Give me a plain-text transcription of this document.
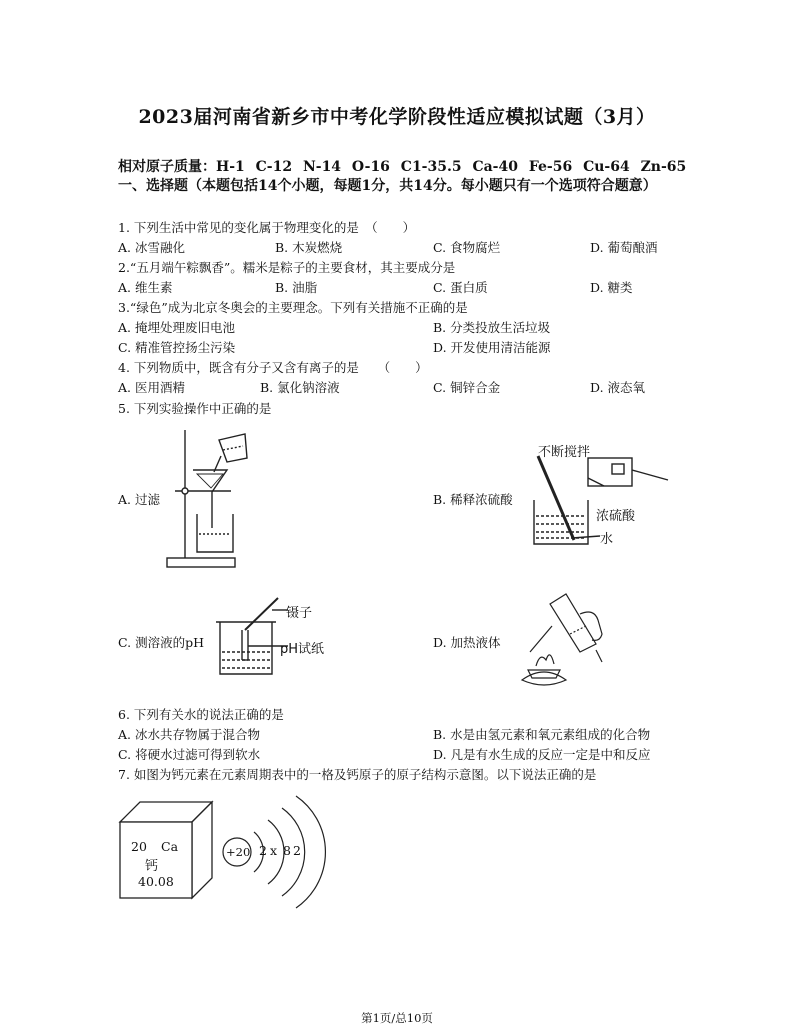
2023届河南省新乡市中考化学阶段性适应模拟试题（3月）
相对原子质量：H-1 C-12 N-14 O-16 C1-35.5 Ca-40 Fe-56 Cu-64 Zn-65
一、选择题（本题包括14个小题，每题1分，共14分。每小题只有一个选项符合题意）
1. 下列生活中常见的变化属于物理变化的是　（　　）
A. 冰雪融化	B. 木炭燃烧	C. 食物腐烂	D. 葡萄酿酒
2.“五月端午粽飘香”。糯米是粽子的主要食材，其主要成分是
A. 维生素	B. 油脂	C. 蛋白质	D. 糖类
3.“绿色”成为北京冬奥会的主要理念。下列有关措施不正确的是
A. 掩埋处理废旧电池	B. 分类投放生活垃圾
C. 精准管控扬尘污染	D. 开发使用清洁能源
4. 下列物质中，既含有分子又含有离子的是　　（　　）
A. 医用酒精	B. 氯化钠溶液	C. 铜锌合金	D. 液态氧
5. 下列实验操作中正确的是
A. 过滤	B. 稀释浓硫酸
C. 测溶液的pH	D. 加热液体
不断搅拌
浓硫酸
水
镊子
pH试纸
6. 下列有关水的说法正确的是
A. 冰水共存物属于混合物	B. 水是由氢元素和氧元素组成的化合物
C. 将硬水过滤可得到软水	D. 凡是有水生成的反应一定是中和反应
7. 如图为钙元素在元素周期表中的一格及钙原子的原子结构示意图。以下说法正确的是
20 Ca
钙
40.08
+20 2 x 8 2
第1页/总10页
